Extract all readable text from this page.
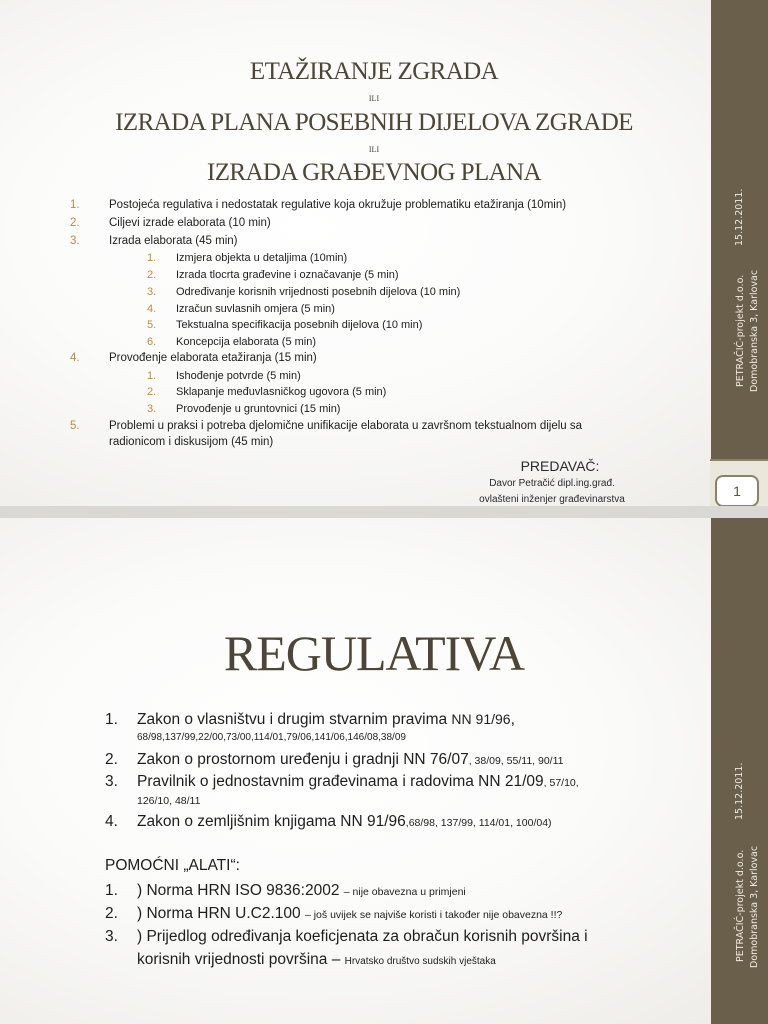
ETAŽIRANJE ZGRADA
ILI
IZRADA PLANA POSEBNIH DIJELOVA ZGRADE
ILI
IZRADA GRAĐEVNOG PLANA
1.	Postojeća regulativa i nedostatak regulative koja okružuje problematiku etažiranja (10min)
2.	Ciljevi izrade elaborata (10 min)
3.	Izrada elaborata (45 min)
1. Izmjera objekta u detaljima (10min)
2. Izrada tlocrta građevine i označavanje (5 min)
3. Određivanje korisnih vrijednosti posebnih dijelova (10 min)
4. Izračun suvlasnih omjera (5 min)
5. Tekstualna specifikacija posebnih dijelova (10 min)
6. Koncepcija elaborata (5 min)
4.	Provođenje elaborata etažiranja (15 min)
1. Ishođenje potvrde (5 min)
2. Sklapanje međuvlasničkog ugovora (5 min)
3. Provođenje u gruntovnici (15 min)
5.	Problemi u praksi i potreba djelomične unifikacije elaborata u završnom tekstualnom dijelu sa
radionicom i diskusijom (45 min)
PREDAVAČ:
Davor Petračić dipl.ing.građ.
ovlašteni inženjer građevinarstva
15.12.2011.
PETRAČIĆ-projekt d.o.o. Domobranska 3, Karlovac
1
REGULATIVA
1. Zakon o vlasništvu i drugim stvarnim pravima NN 91/96,
68/98,137/99,22/00,73/00,114/01,79/06,141/06,146/08,38/09
2. Zakon o prostornom uređenju i gradnji NN 76/07, 38/09, 55/11, 90/11
3. Pravilnik o jednostavnim građevinama i radovima NN 21/09, 57/10,
126/10, 48/11
4. Zakon o zemljišnim knjigama NN 91/96,68/98, 137/99, 114/01, 100/04)
POMOĆNI „ALATI“:
1. ) Norma HRN ISO 9836:2002 – nije obavezna u primjeni
2. ) Norma HRN U.C2.100 – još uvijek se najviše koristi i također nije obavezna !!?
3. ) Prijedlog određivanja koeficjenata za obračun korisnih površina i
korisnih vrijednosti površina – Hrvatsko društvo sudskih vještaka
15.12.2011.
PETRAČIĆ-projekt d.o.o. Domobranska 3, Karlovac
